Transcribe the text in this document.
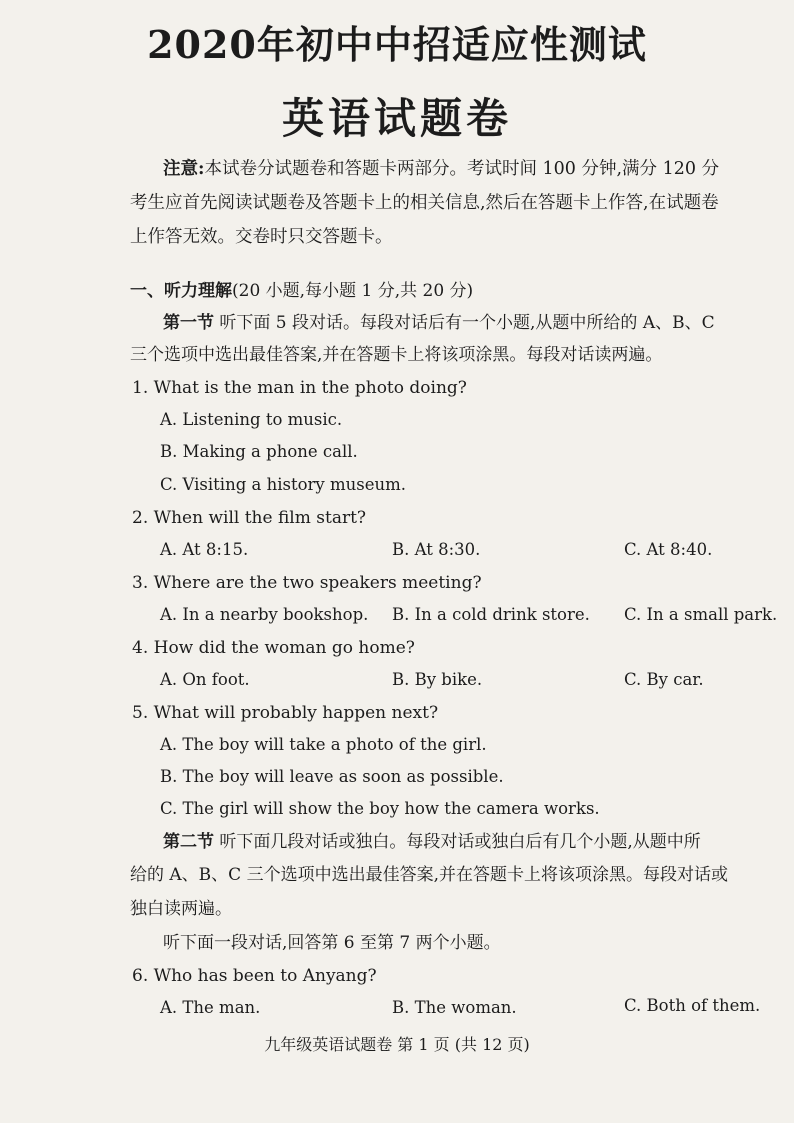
2020年初中中招适应性测试
英语试题卷
注意:本试卷分试题卷和答题卡两部分。考试时间 100 分钟,满分 120 分
考生应首先阅读试题卷及答题卡上的相关信息,然后在答题卡上作答,在试题卷
上作答无效。交卷时只交答题卡。
一、听力理解(20 小题,每小题 1 分,共 20 分)
第一节 听下面 5 段对话。每段对话后有一个小题,从题中所给的 A、B、C
三个选项中选出最佳答案,并在答题卡上将该项涂黑。每段对话读两遍。
1. What is the man in the photo doing?
A. Listening to music.
B. Making a phone call.
C. Visiting a history museum.
2. When will the film start?
A. At 8:15.	B. At 8:30.	C. At 8:40.
3. Where are the two speakers meeting?
A. In a nearby bookshop. B. In a cold drink store. C. In a small park.
4. How did the woman go home?
A. On foot.	B. By bike.	C. By car.
5. What will probably happen next?
A. The boy will take a photo of the girl.
B. The boy will leave as soon as possible.
C. The girl will show the boy how the camera works.
第二节 听下面几段对话或独白。每段对话或独白后有几个小题,从题中所
给的 A、B、C 三个选项中选出最佳答案,并在答题卡上将该项涂黑。每段对话或
独白读两遍。
听下面一段对话,回答第 6 至第 7 两个小题。
6. Who has been to Anyang?
A. The man.	B. The woman.	C. Both of them.
九年级英语试题卷 第 1 页 (共 12 页)
